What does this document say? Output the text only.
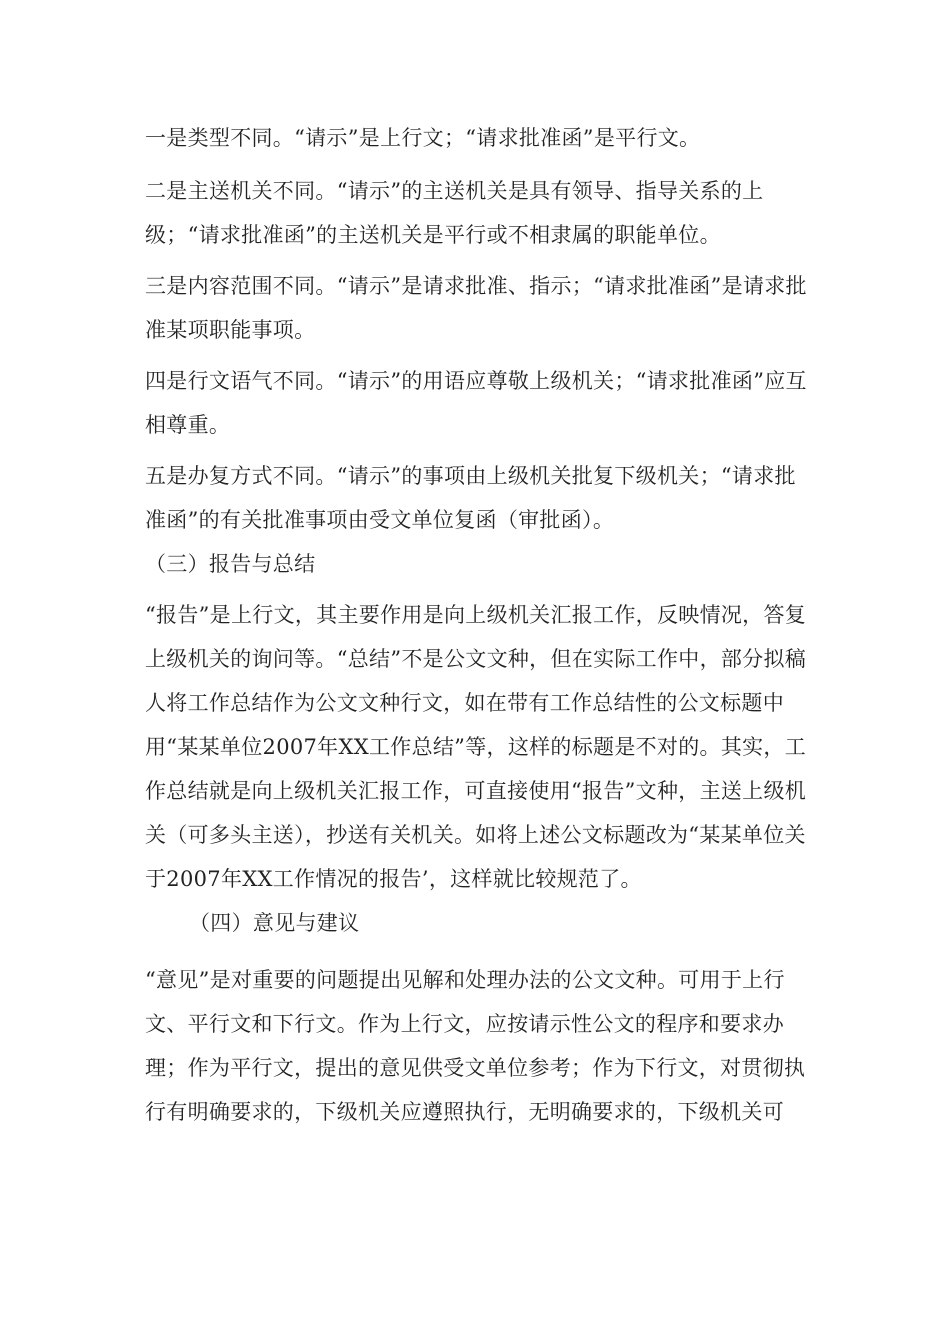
一是类型不同。“请示”是上行文；“请求批准函”是平行文。

二是主送机关不同。“请示”的主送机关是具有领导、指导关系的上级；“请求批准函”的主送机关是平行或不相隶属的职能单位。

三是内容范围不同。“请示”是请求批准、指示；“请求批准函”是请求批准某项职能事项。

四是行文语气不同。“请示”的用语应尊敬上级机关；“请求批准函”应互相尊重。

五是办复方式不同。“请示”的事项由上级机关批复下级机关；“请求批准函”的有关批准事项由受文单位复函（审批函）。

（三）报告与总结

“报告”是上行文，其主要作用是向上级机关汇报工作，反映情况，答复上级机关的询问等。“总结”不是公文文种，但在实际工作中，部分拟稿人将工作总结作为公文文种行文，如在带有工作总结性的公文标题中用“某某单位2007年XX工作总结”等，这样的标题是不对的。其实，工作总结就是向上级机关汇报工作，可直接使用“报告”文种，主送上级机关（可多头主送），抄送有关机关。如将上述公文标题改为“某某单位关于2007年XX工作情况的报告’，这样就比较规范了。

（四）意见与建议

“意见”是对重要的问题提出见解和处理办法的公文文种。可用于上行文、平行文和下行文。作为上行文，应按请示性公文的程序和要求办理；作为平行文，提出的意见供受文单位参考；作为下行文，对贯彻执行有明确要求的，下级机关应遵照执行，无明确要求的，下级机关可
